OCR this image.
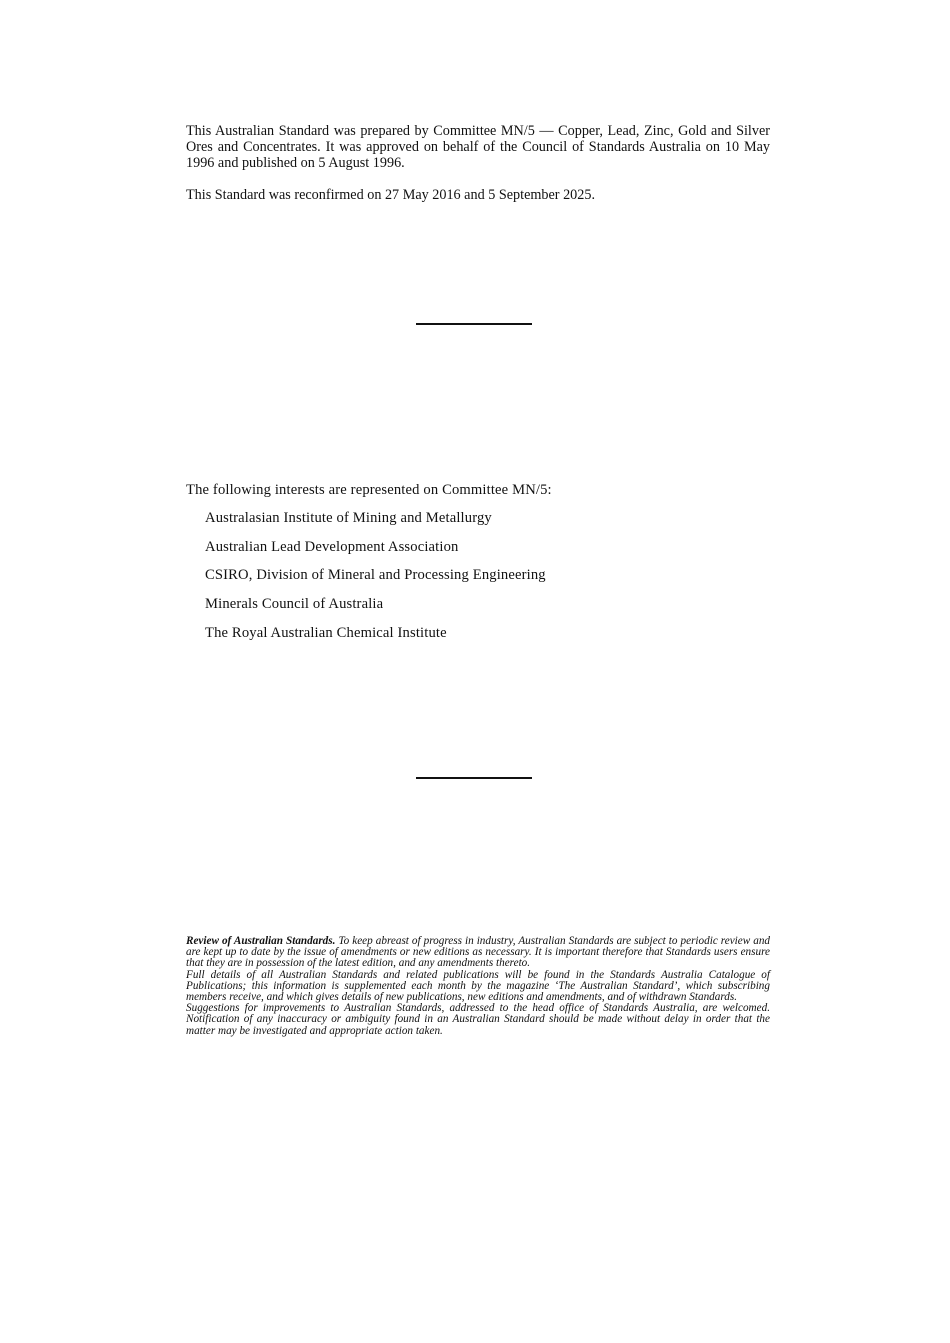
This Australian Standard was prepared by Committee MN/5 — Copper, Lead, Zinc, Gold and Silver Ores and Concentrates. It was approved on behalf of the Council of Standards Australia on 10 May 1996 and published on 5 August 1996.

This Standard was reconfirmed on 27 May 2016 and 5 September 2025.

The following interests are represented on Committee MN/5:

Australasian Institute of Mining and Metallurgy
Australian Lead Development Association
CSIRO, Division of Mineral and Processing Engineering
Minerals Council of Australia
The Royal Australian Chemical Institute

Review of Australian Standards. To keep abreast of progress in industry, Australian Standards are subject to periodic review and are kept up to date by the issue of amendments or new editions as necessary. It is important therefore that Standards users ensure that they are in possession of the latest edition, and any amendments thereto.

Full details of all Australian Standards and related publications will be found in the Standards Australia Catalogue of Publications; this information is supplemented each month by the magazine ‘The Australian Standard’, which subscribing members receive, and which gives details of new publications, new editions and amendments, and of withdrawn Standards.

Suggestions for improvements to Australian Standards, addressed to the head office of Standards Australia, are welcomed. Notification of any inaccuracy or ambiguity found in an Australian Standard should be made without delay in order that the matter may be investigated and appropriate action taken.
